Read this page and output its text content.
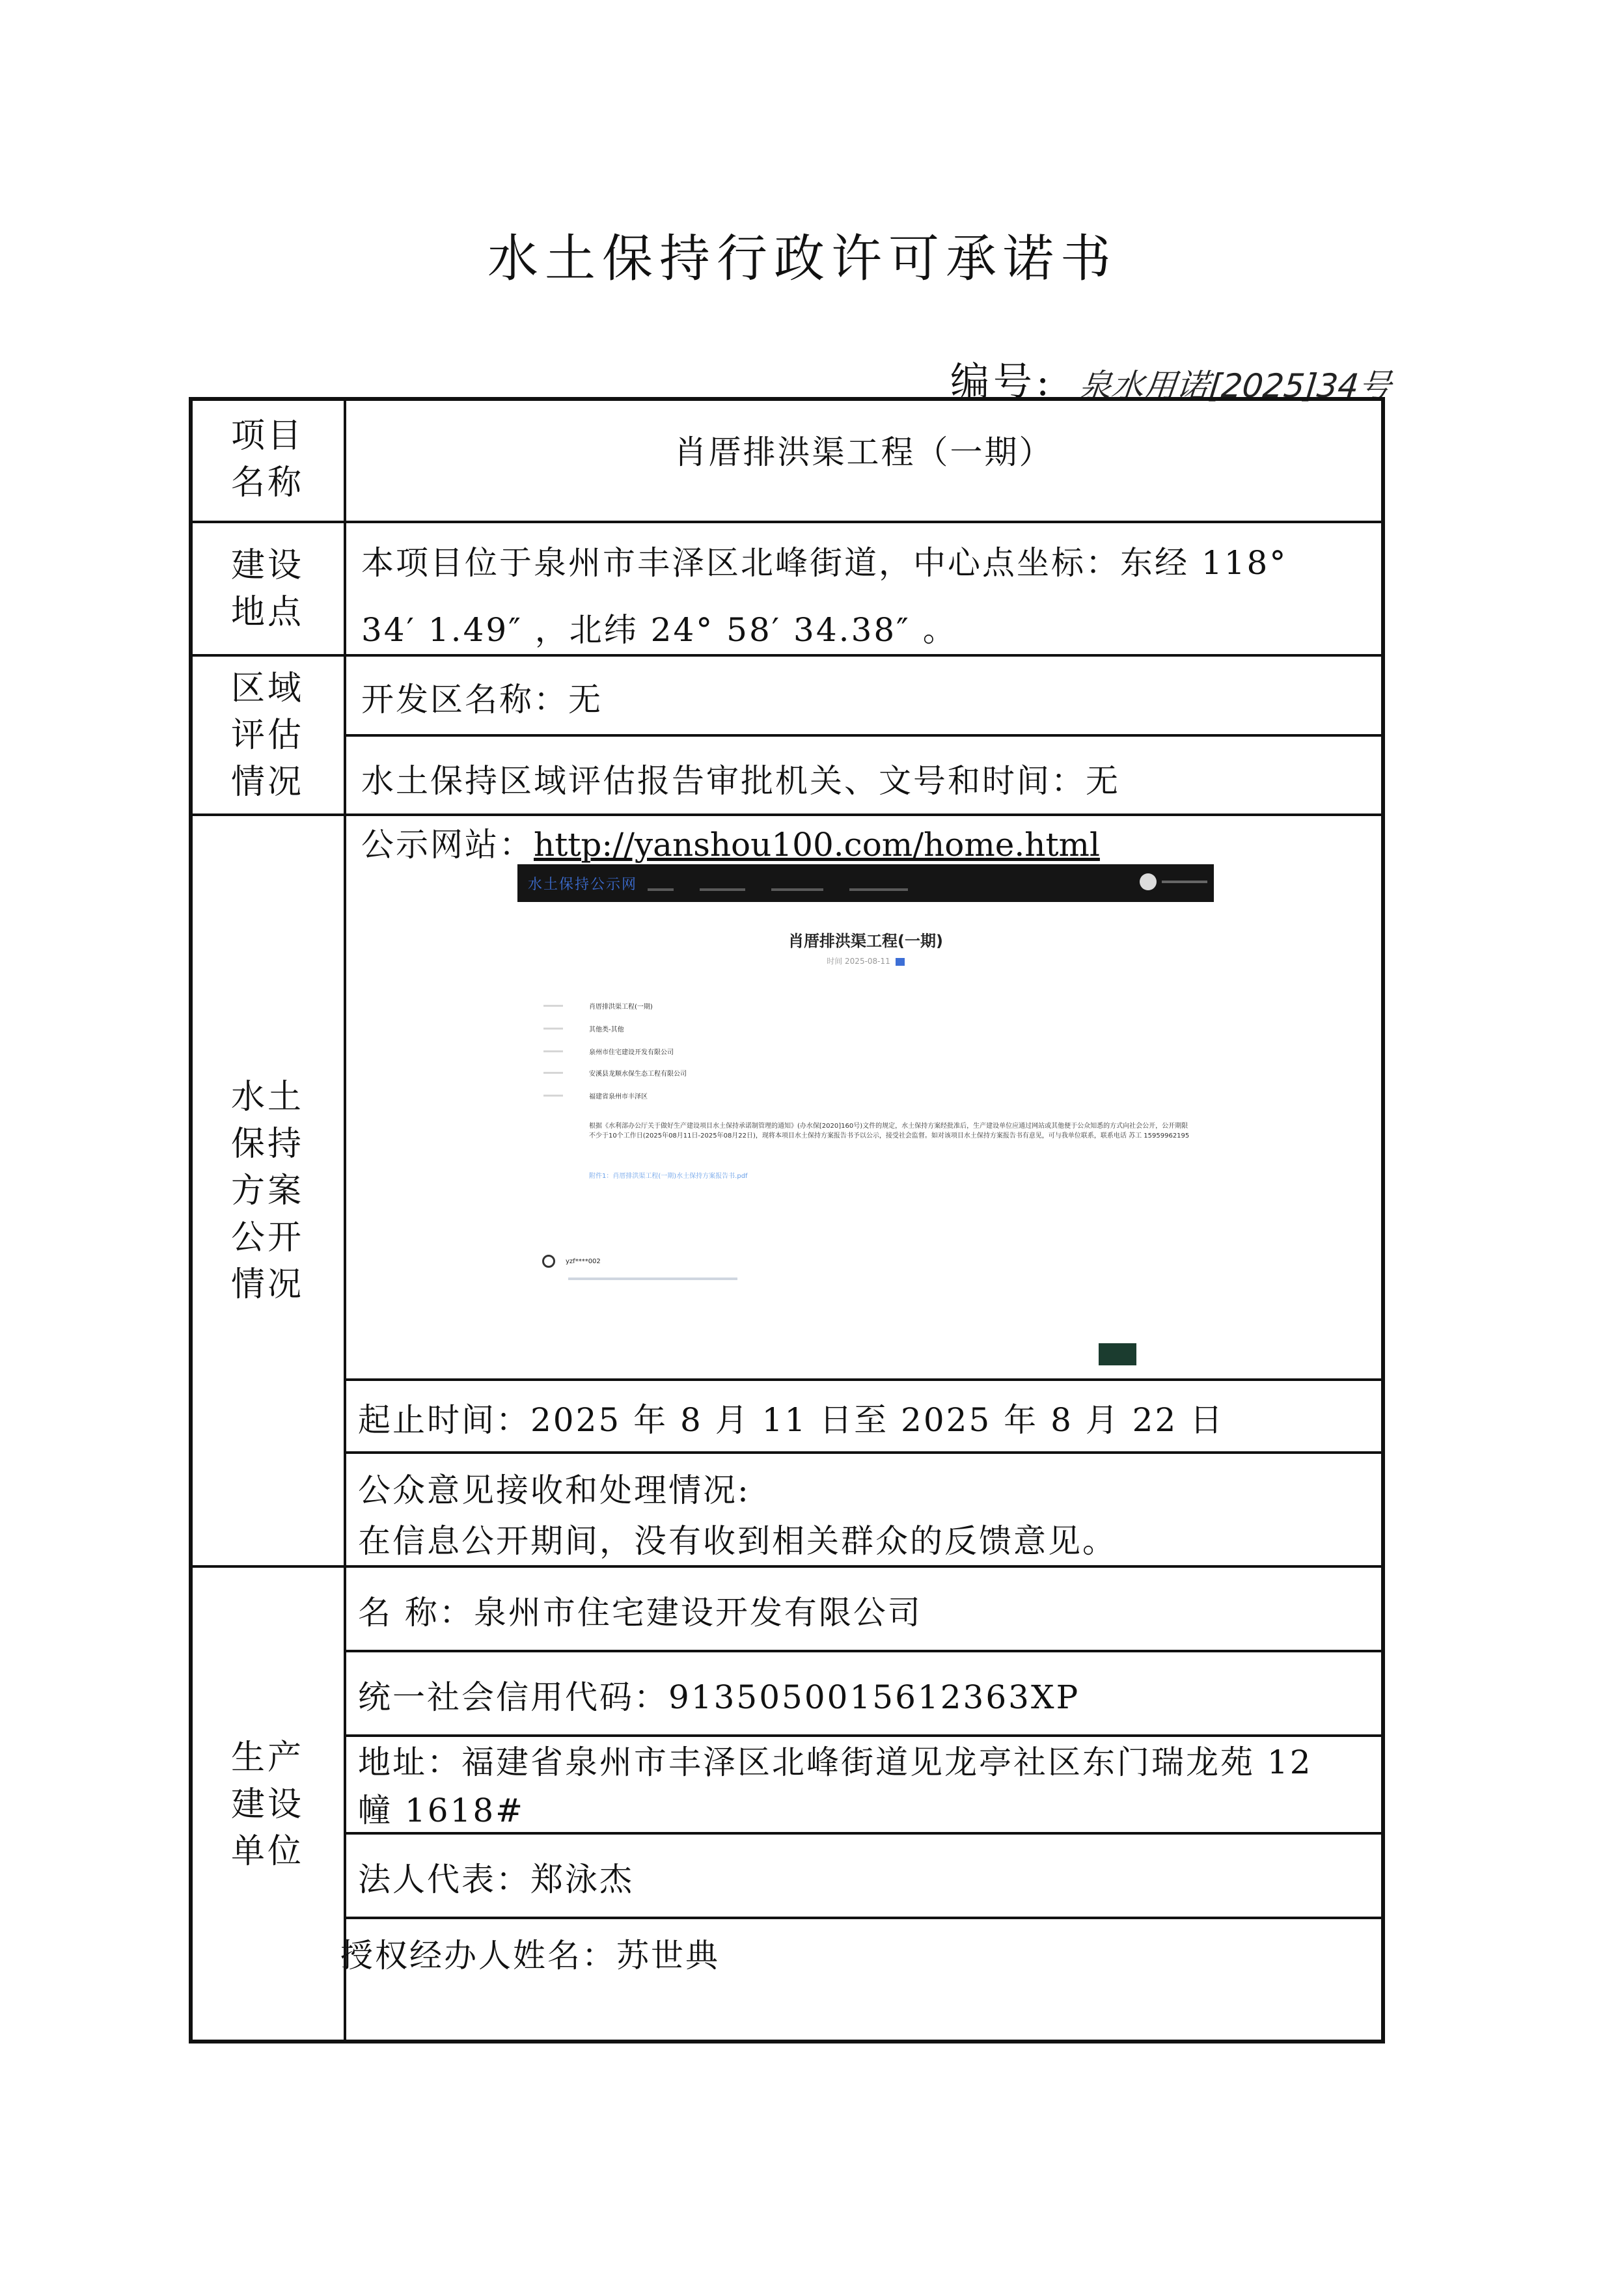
水土保持行政许可承诺书
编号: 泉水用诺[2025]34号
项目名称
建设地点
区域评估情况
水土保持方案公开情况
生产建设单位
肖厝排洪渠工程（一期）
本项目位于泉州市丰泽区北峰街道，中心点坐标：东经 118°
34′ 1.49″ ，北纬 24° 58′ 34.38″ 。
开发区名称：无
水土保持区域评估报告审批机关、文号和时间：无
公示网站：http://yanshou100.com/home.html
水土保持公示网
肖厝排洪渠工程(一期)
时间 2025-08-11
肖厝排洪渠工程(一期)
其他类-其他
泉州市住宅建设开发有限公司
安溪县龙顺水保生态工程有限公司
福建省泉州市丰泽区
根据《水利部办公厅关于做好生产建设项目水土保持承诺制管理的通知》(办水保[2020]160号)文件的规定，水土保持方案经批准后，生产建设单位应通过网站或其他便于公众知悉的方式向社会公开，公开期限不少于10个工作日(2025年08月11日-2025年08月22日)，现将本项目水土保持方案报告书予以公示，接受社会监督。如对该项目水土保持方案报告书有意见，可与我单位联系，联系电话 苏工 15959962195
附件1：肖厝排洪渠工程(一期)水土保持方案报告书.pdf
yzf****002
起止时间：2025 年 8 月 11 日至 2025 年 8 月 22 日
公众意见接收和处理情况:
在信息公开期间，没有收到相关群众的反馈意见。
名 称：泉州市住宅建设开发有限公司
统一社会信用代码：9135050015612363XP
地址：福建省泉州市丰泽区北峰街道见龙亭社区东门瑞龙苑 12
幢 1618#
法人代表：郑泳杰
授权经办人姓名：苏世典
